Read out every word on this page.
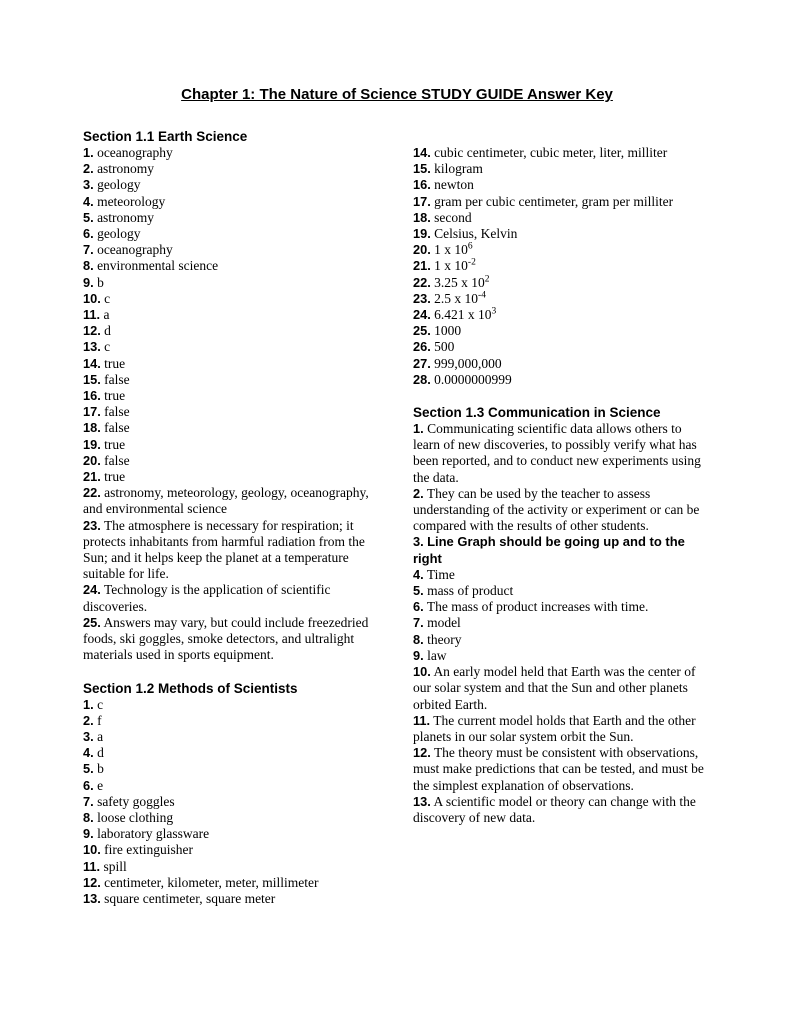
Chapter 1: The Nature of Science STUDY GUIDE Answer Key
Section 1.1 Earth Science
1. oceanography
2. astronomy
3. geology
4. meteorology
5. astronomy
6. geology
7. oceanography
8. environmental science
9. b
10. c
11. a
12. d
13. c
14. true
15. false
16. true
17. false
18. false
19. true
20. false
21. true
22. astronomy, meteorology, geology, oceanography, and environmental science
23. The atmosphere is necessary for respiration; it protects inhabitants from harmful radiation from the Sun; and it helps keep the planet at a temperature suitable for life.
24. Technology is the application of scientific discoveries.
25. Answers may vary, but could include freezedried foods, ski goggles, smoke detectors, and ultralight materials used in sports equipment.
Section 1.2 Methods of Scientists
1. c
2. f
3. a
4. d
5. b
6. e
7. safety goggles
8. loose clothing
9. laboratory glassware
10. fire extinguisher
11. spill
12. centimeter, kilometer, meter, millimeter
13. square centimeter, square meter
14. cubic centimeter, cubic meter, liter, milliter
15. kilogram
16. newton
17. gram per cubic centimeter, gram per milliter
18. second
19. Celsius, Kelvin
20. 1 x $10^6$
21. 1 x $10^{-2}$
22. 3.25 x $10^2$
23. 2.5 x $10^{-4}$
24. 6.421 x $10^3$
25. 1000
26. 500
27. 999,000,000
28. 0.0000000999
Section 1.3 Communication in Science
1. Communicating scientific data allows others to learn of new discoveries, to possibly verify what has been reported, and to conduct new experiments using the data.
2. They can be used by the teacher to assess understanding of the activity or experiment or can be compared with the results of other students.
3. Line Graph should be going up and to the right
4. Time
5. mass of product
6. The mass of product increases with time.
7. model
8. theory
9. law
10. An early model held that Earth was the center of our solar system and that the Sun and other planets orbited Earth.
11. The current model holds that Earth and the other planets in our solar system orbit the Sun.
12. The theory must be consistent with observations, must make predictions that can be tested, and must be the simplest explanation of observations.
13. A scientific model or theory can change with the discovery of new data.
